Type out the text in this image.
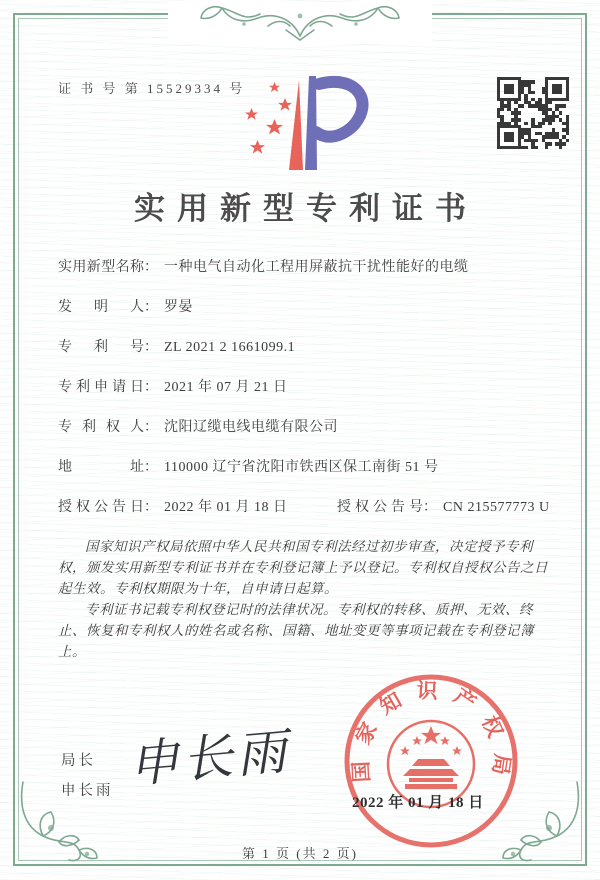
证 书 号 第 15529334 号
实用新型专利证书
实用新型名称： 一种电气自动化工程用屏蔽抗干扰性能好的电缆
发明人： 罗晏
专利号： ZL 2021 2 1661099.1
专利申请日： 2021 年 07 月 21 日
专利权人： 沈阳辽缆电线电缆有限公司
地址： 110000 辽宁省沈阳市铁西区保工南街 51 号
授权公告日： 2022 年 01 月 18 日	授权公告号： CN 215577773 U

国家知识产权局依照中华人民共和国专利法经过初步审查，决定授予专利权，颁发实用新型专利证书并在专利登记簿上予以登记。专利权自授权公告之日起生效。专利权期限为十年，自申请日起算。

专利证书记载专利权登记时的法律状况。专利权的转移、质押、无效、终止、恢复和专利权人的姓名或名称、国籍、地址变更等事项记载在专利登记簿上。

局长
申长雨 申长雨	国家知识产权局
2022 年 01 月 18 日
第 1 页 (共 2 页)
